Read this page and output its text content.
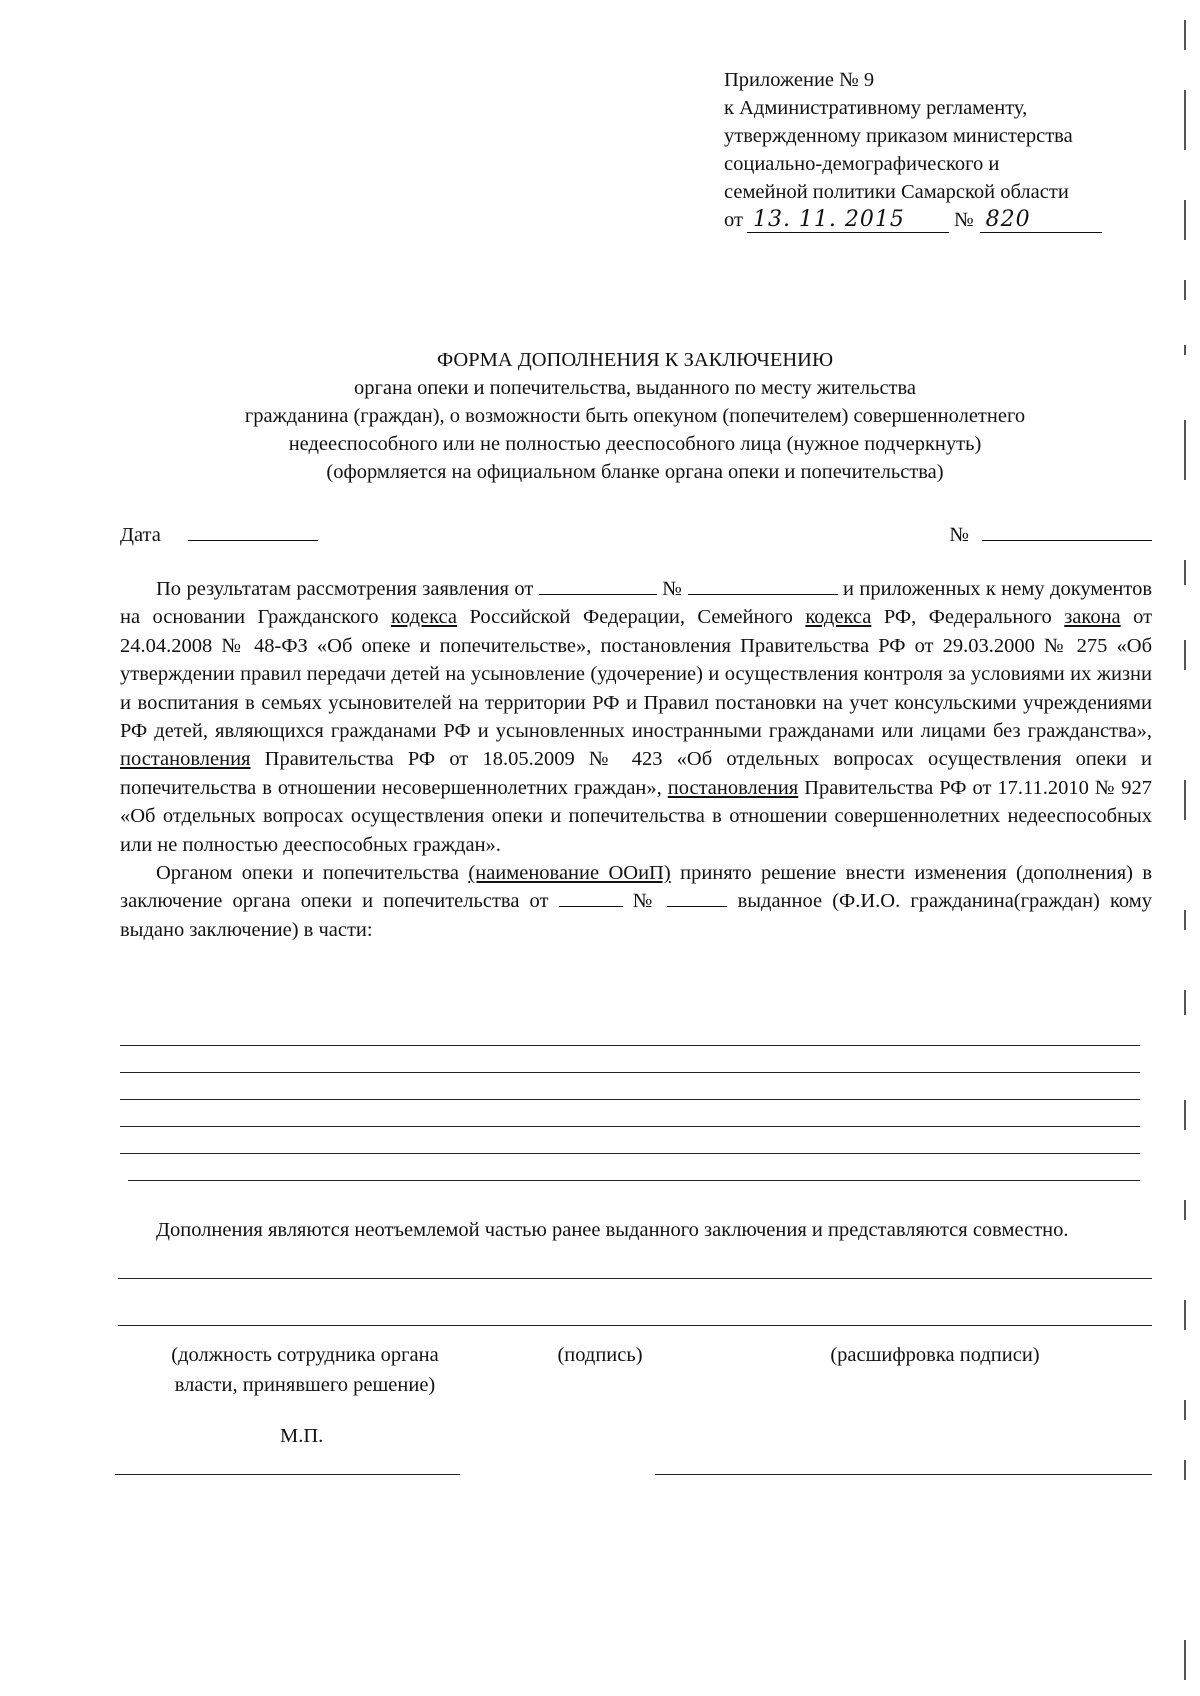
Приложение № 9
к Административному регламенту,
утвержденному приказом министерства
социально-демографического и
семейной политики Самарской области
от 13. 11. 2015 № 820
ФОРМА ДОПОЛНЕНИЯ К ЗАКЛЮЧЕНИЮ
органа опеки и попечительства, выданного по месту жительства
гражданина (граждан), о возможности быть опекуном (попечителем) совершеннолетнего
недееспособного или не полностью дееспособного лица (нужное подчеркнуть)
(оформляется на официальном бланке органа опеки и попечительства)
Дата	№

По результатам рассмотрения заявления от	№	и приложенных к нему документов на основании Гражданского кодекса Российской Федерации, Семейного кодекса РФ, Федерального закона от 24.04.2008 № 48-ФЗ «Об опеке и попечительстве», постановления Правительства РФ от 29.03.2000 № 275 «Об утверждении правил передачи детей на усыновление (удочерение) и осуществления контроля за условиями их жизни и воспитания в семьях усыновителей на территории РФ и Правил постановки на учет консульскими учреждениями РФ детей, являющихся гражданами РФ и усыновленных иностранными гражданами или лицами без гражданства», постановления Правительства РФ от 18.05.2009 № 423 «Об отдельных вопросах осуществления опеки и попечительства в отношении несовершеннолетних граждан», постановления Правительства РФ от 17.11.2010 № 927 «Об отдельных вопросах осуществления опеки и попечительства в отношении совершеннолетних недееспособных или не полностью дееспособных граждан».

Органом опеки и попечительства (наименование ООиП) принято решение внести изменения (дополнения) в заключение органа опеки и попечительства от	№	выданное (Ф.И.О. гражданина(граждан) кому выдано заключение) в части:

Дополнения являются неотъемлемой частью ранее выданного заключения и представляются совместно.

(должность сотрудника органа
власти, принявшего решение)
(подпись)	(расшифровка подписи)
М.П.
